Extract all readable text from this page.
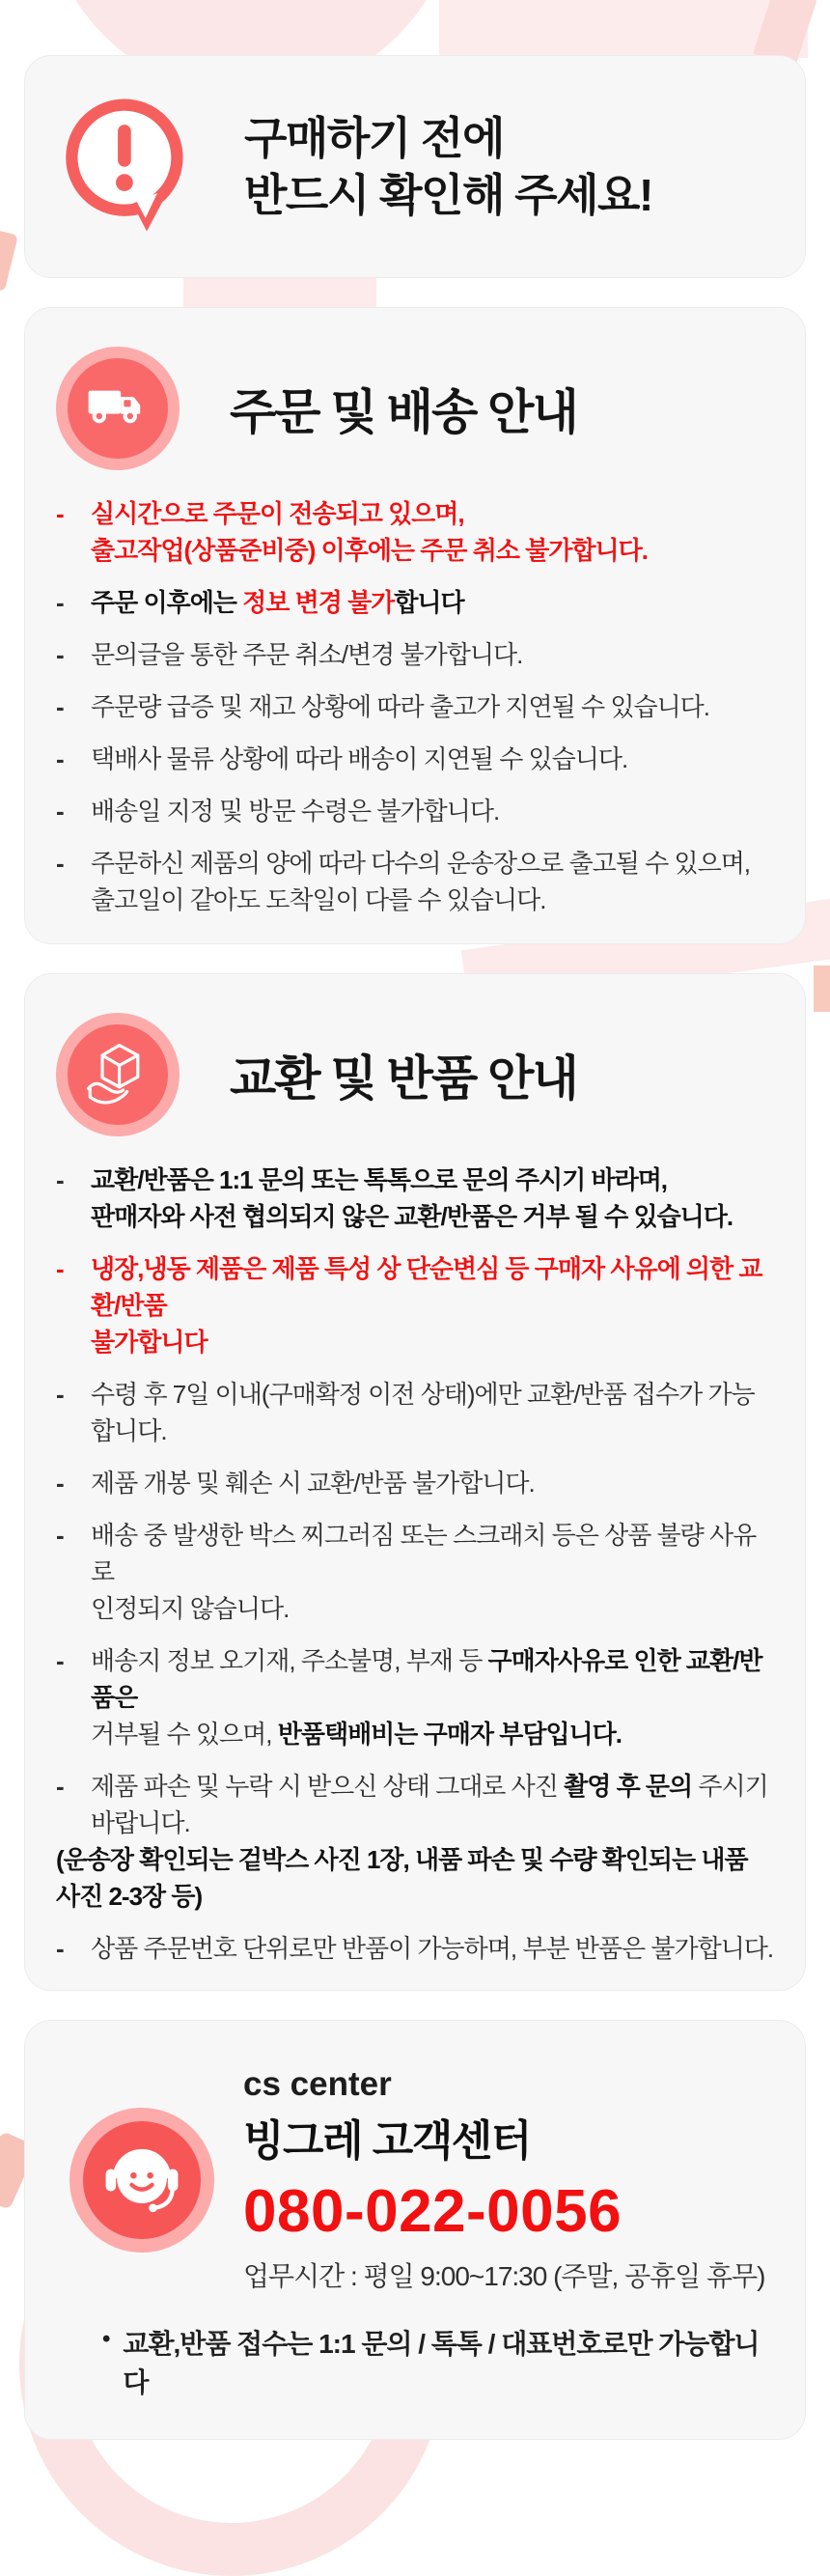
구매하기 전에
반드시 확인해 주세요!
주문 및 배송 안내
-	실시간으로 주문이 전송되고 있으며,
출고작업(상품준비중) 이후에는 주문 취소 불가합니다.
-	주문 이후에는 정보 변경 불가합니다
-	문의글을 통한 주문 취소/변경 불가합니다.
-	주문량 급증 및 재고 상황에 따라 출고가 지연될 수 있습니다.
-	택배사 물류 상황에 따라 배송이 지연될 수 있습니다.
-	배송일 지정 및 방문 수령은 불가합니다.
-	주문하신 제품의 양에 따라 다수의 운송장으로 출고될 수 있으며,
출고일이 같아도 도착일이 다를 수 있습니다.
교환 및 반품 안내
-	교환/반품은 1:1 문의 또는 톡톡으로 문의 주시기 바라며,
판매자와 사전 협의되지 않은 교환/반품은 거부 될 수 있습니다.
-	냉장,냉동 제품은 제품 특성 상 단순변심 등 구매자 사유에 의한 교환/반품
불가합니다
-	수령 후 7일 이내(구매확정 이전 상태)에만 교환/반품 접수가 가능합니다.
-	제품 개봉 및 훼손 시 교환/반품 불가합니다.
-	배송 중 발생한 박스 찌그러짐 또는 스크래치 등은 상품 불량 사유로
인정되지 않습니다.
-	배송지 정보 오기재, 주소불명, 부재 등 구매자사유로 인한 교환/반품은
거부될 수 있으며, 반품택배비는 구매자 부담입니다.
-	제품 파손 및 누락 시 받으신 상태 그대로 사진 촬영 후 문의 주시기 바랍니다.
(운송장 확인되는 겉박스 사진 1장, 내품 파손 및 수량 확인되는 내품 사진 2-3장 등)
-	상품 주문번호 단위로만 반품이 가능하며, 부분 반품은 불가합니다.
cs center
빙그레 고객센터
080-022-0056
업무시간 : 평일 9:00~17:30 (주말, 공휴일 휴무)
• 교환,반품 접수는 1:1 문의 / 톡톡 / 대표번호로만 가능합니다
